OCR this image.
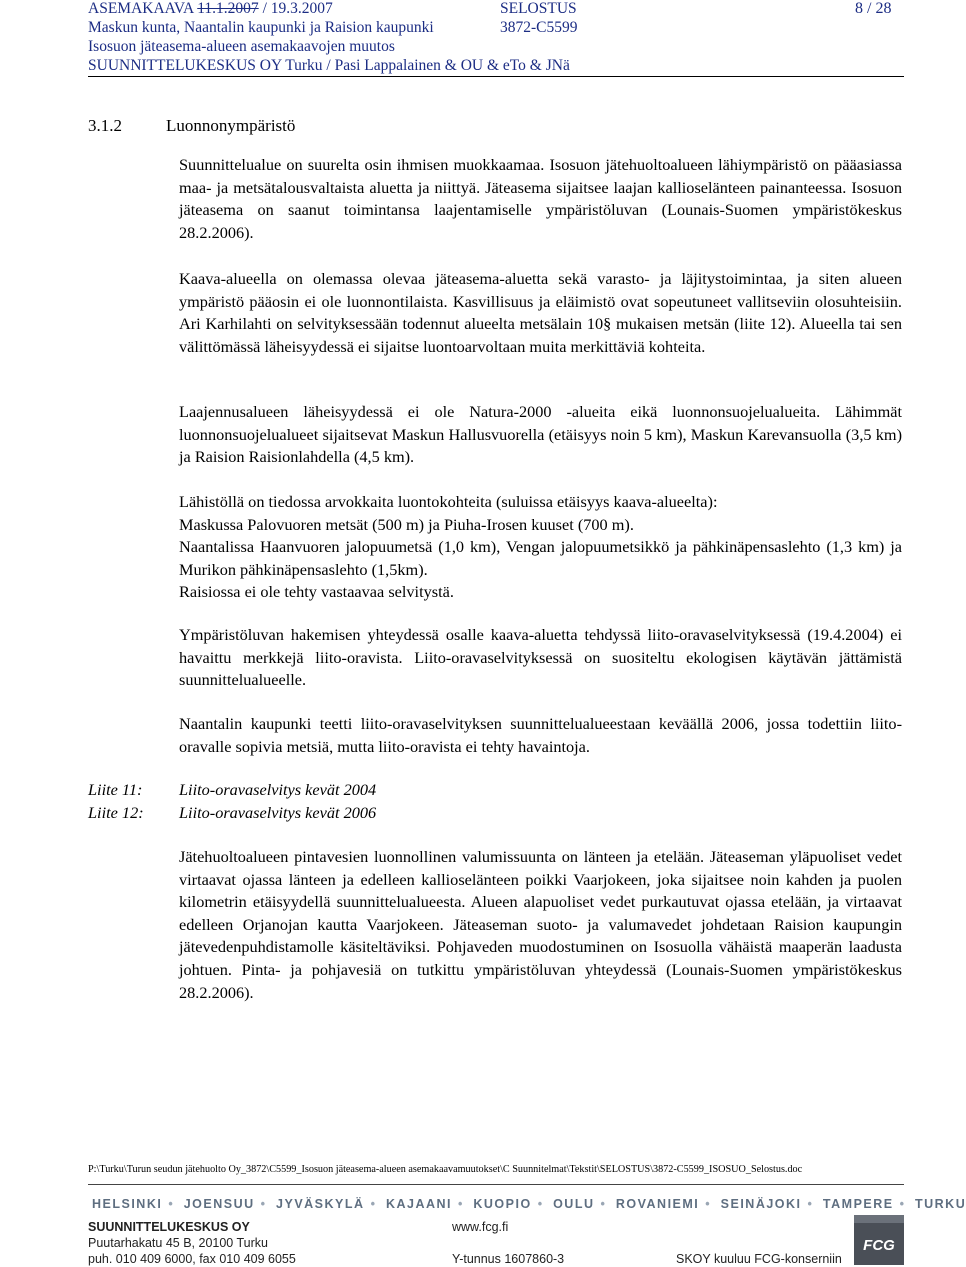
ASEMAKAAVA 11.1.2007 / 19.3.2007	SELOSTUS	8 / 28
Maskun kunta, Naantalin kaupunki ja Raision kaupunki	3872-C5599
Isosuon jäteasema-alueen asemakaavojen muutos
SUUNNITTELUKESKUS OY Turku / Pasi Lappalainen & OU & eTo & JNä
3.1.2	Luonnonympäristö
Suunnittelualue on suurelta osin ihmisen muokkaamaa. Isosuon jätehuoltoalueen lähiympäristö on pääasiassa maa- ja metsätalousvaltaista aluetta ja niittyä. Jäteasema sijaitsee laajan kallioselänteen painanteessa. Isosuon jäteasema on saanut toimintansa laajentamiselle ympäristöluvan (Lounais-Suomen ympäristökeskus 28.2.2006).
Kaava-alueella on olemassa olevaa jäteasema-aluetta sekä varasto- ja läjitystoimintaa, ja siten alueen ympäristö pääosin ei ole luonnontilaista. Kasvillisuus ja eläimistö ovat sopeutuneet vallitseviin olosuhteisiin. Ari Karhilahti on selvityksessään todennut alueelta metsälain 10§ mukaisen metsän (liite 12). Alueella tai sen välittömässä läheisyydessä ei sijaitse luontoarvoltaan muita merkittäviä kohteita.
Laajennusalueen läheisyydessä ei ole Natura-2000 -alueita eikä luonnonsuojelualueita. Lähimmät luonnonsuojelualueet sijaitsevat Maskun Hallusvuorella (etäisyys noin 5 km), Maskun Karevansuolla (3,5 km) ja Raision Raisionlahdella (4,5 km).

Lähistöllä on tiedossa arvokkaita luontokohteita (suluissa etäisyys kaava-alueelta):

Maskussa Palovuoren metsät (500 m) ja Piuha-Irosen kuuset (700 m).

Naantalissa Haanvuoren jalopuumetsä (1,0 km), Vengan jalopuumetsikkö ja pähkinäpensaslehto (1,3 km) ja Murikon pähkinäpensaslehto (1,5km).

Raisiossa ei ole tehty vastaavaa selvitystä.

Ympäristöluvan hakemisen yhteydessä osalle kaava-aluetta tehdyssä liito-oravaselvityksessä (19.4.2004) ei havaittu merkkejä liito-oravista. Liito-oravaselvityksessä on suositeltu ekologisen käytävän jättämistä suunnittelualueelle.
Naantalin kaupunki teetti liito-oravaselvityksen suunnittelualueestaan keväällä 2006, jossa todettiin liito-oravalle sopivia metsiä, mutta liito-oravista ei tehty havaintoja.
Liite 11: Liito-oravaselvitys kevät 2004
Liite 12: Liito-oravaselvitys kevät 2006
Jätehuoltoalueen pintavesien luonnollinen valumissuunta on länteen ja etelään. Jäteaseman yläpuoliset vedet virtaavat ojassa länteen ja edelleen kallioselänteen poikki Vaarjokeen, joka sijaitsee noin kahden ja puolen kilometrin etäisyydellä suunnittelualueesta. Alueen alapuoliset vedet purkautuvat ojassa etelään, ja virtaavat edelleen Orjanojan kautta Vaarjokeen. Jäteaseman suoto- ja valumavedet johdetaan Raision kaupungin jätevedenpuhdistamolle käsiteltäviksi. Pohjaveden muodostuminen on Isosuolla vähäistä maaperän laadusta johtuen. Pinta- ja pohjavesiä on tutkittu ympäristöluvan yhteydessä (Lounais-Suomen ympäristökeskus 28.2.2006).
P:\Turku\Turun seudun jätehuolto Oy_3872\C5599_Isosuon jäteasema-alueen asemakaavamuutokset\C Suunnitelmat\Tekstit\SELOSTUS\3872-C5599_ISOSUO_Selostus.doc
HELSINKI • JOENSUU • JYVÄSKYLÄ • KAJAANI • KUOPIO • OULU • ROVANIEMI • SEINÄJOKI • TAMPERE • TURKU
SUUNNITTELUKESKUS OY
Puutarhakatu 45 B, 20100 Turku
puh. 010 409 6000, fax 010 409 6055
www.fcg.fi
Y-tunnus 1607860-3	SKOY kuuluu FCG-konserniin
FCG
